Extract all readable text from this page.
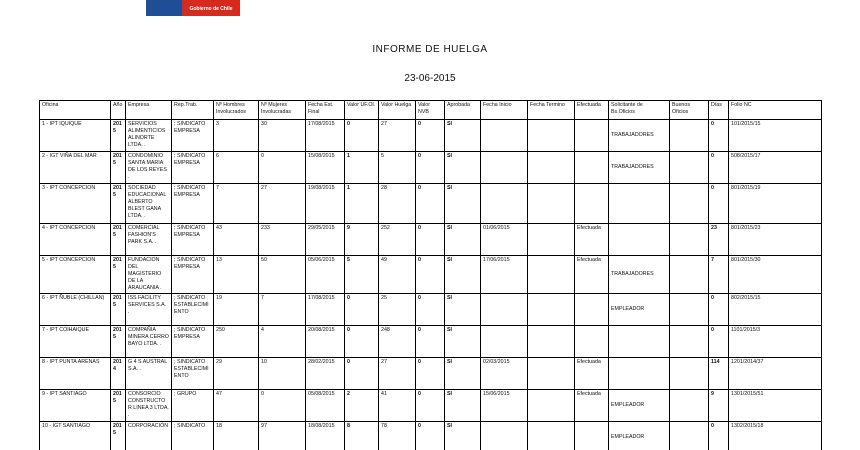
Gobierno de Chile
INFORME DE HUELGA
23-06-2015
Oficina	Año	Empresa	Rep.Trab.	Nº Hombres Involucrados	Nº Mujeres Involucradas	Fecha Est. Final	Valor UF.Ol.	Valor Huelga	Valor NVB	Aprobada	Fecha Inicio	Fecha Termino	Efectuada	Solicitante de Bs.Oficios	Buenos Oficios	Días	Folio NC
1 - IPT IQUIQUE	2015	SERVICIOS ALIMENTICIOS ALINORTE LTDA. .	; SINDICATO EMPRESA	3	30	17/08/2015	0	27	0	SI				TRABAJADORES		0	101/2015/15
2 - IGT VIÑA DEL MAR	2015	CONDOMINIO SANTA MARIA DE LOS REYES .	; SINDICATO EMPRESA	6	0	15/08/2015	1	5	0	SI				TRABAJADORES		0	508/2015/17
3 - IPT CONCEPCION	2015	SOCIEDAD EDUCACIONAL ALBERTO BLEST GANA LTDA. .	; SINDICATO EMPRESA	7	27	19/08/2015	1	28	0	SI						0	801/2015/19
4 - IPT CONCEPCION	2015	COMERCIAL FASHION'S PARK S.A. .	; SINDICATO EMPRESA	43	233	29/05/2015	9	252	0	SI	01/06/2015		Efectuada			23	801/2015/23
5 - IPT CONCEPCION	2015	FUNDACION DEL MAGISTERIO DE LA ARAUCANIA .	; SINDICATO EMPRESA	13	50	05/06/2015	5	49	0	SI	17/06/2015		Efectuada	TRABAJADORES		7	801/2015/30
6 - IPT ÑUBLE (CHILLAN)	2015	ISS FACILITY SERVICES S.A. .	; SINDICATO ESTABLECIMIENTO	19	7	17/08/2015	0	25	0	SI				EMPLEADOR		0	802/2015/15
7 - IPT COIHAIQUE	2015	COMPAÑIA MINERA CERRO BAYO LTDA. .	; SINDICATO EMPRESA	250	4	20/08/2015	0	248	0	SI						0	1101/2015/3
8 - IPT PUNTA ARENAS	2014	G 4 S AUSTRAL S.A. .	; SINDICATO ESTABLECIMIENTO	29	10	28/02/2015	0	27	0	SI	02/03/2015		Efectuada			114	1201/2014/37
9 - IPT SANTIAGO	2015	CONSORCIO CONSTRUCTOR LINEA 3 LTDA. .	; GRUPO	47	0	05/08/2015	2	41	0	SI	15/06/2015		Efectuada	EMPLEADOR		9	1301/2015/51
10 - IGT SANTIAGO	2015	CORPORACIÓN	; SINDICATO	18	97	18/08/2015	8	78	0	SI				EMPLEADOR		0	1302/2015/18
